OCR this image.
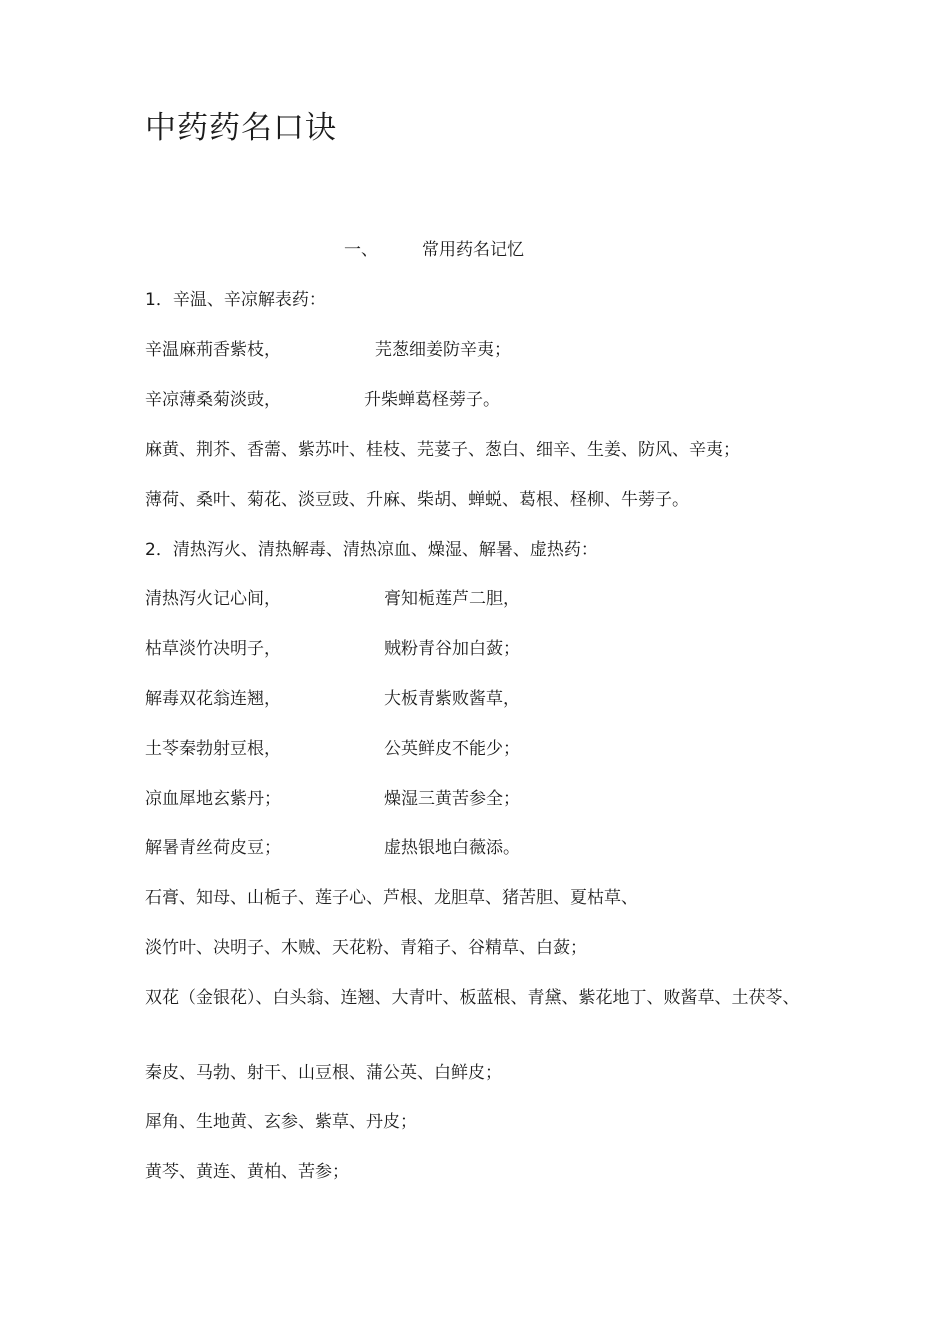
中药药名口诀
一、	常用药名记忆
1．辛温、辛凉解表药：
辛温麻荊香紫枝，	芫葱细姜防辛夷；
辛凉薄桑菊淡豉，	升柴蝉葛柽蒡子。
麻黄、荆芥、香薷、紫苏叶、桂枝、芫荽子、葱白、细辛、生姜、防风、辛夷；
薄荷、桑叶、菊花、淡豆豉、升麻、柴胡、蝉蜕、葛根、柽柳、牛蒡子。
2．清热泻火、清热解毒、清热凉血、燥湿、解暑、虚热药：
清热泻火记心间，	膏知栀莲芦二胆，
枯草淡竹决明子，	贼粉青谷加白蔹；
解毒双花翁连翘，	大板青紫败酱草，
土苓秦勃射豆根，	公英鲜皮不能少；
凉血犀地玄紫丹；	燥湿三黄苦参全；
解暑青丝荷皮豆；	虚热银地白薇添。
石膏、知母、山栀子、莲子心、芦根、龙胆草、猪苦胆、夏枯草、
淡竹叶、决明子、木贼、天花粉、青箱子、谷精草、白蔹；
双花（金银花）、白头翁、连翘、大青叶、板蓝根、青黛、紫花地丁、败酱草、土茯苓、
秦皮、马勃、射干、山豆根、蒲公英、白鲜皮；
犀角、生地黄、玄参、紫草、丹皮；
黄芩、黄连、黄柏、苦参；
